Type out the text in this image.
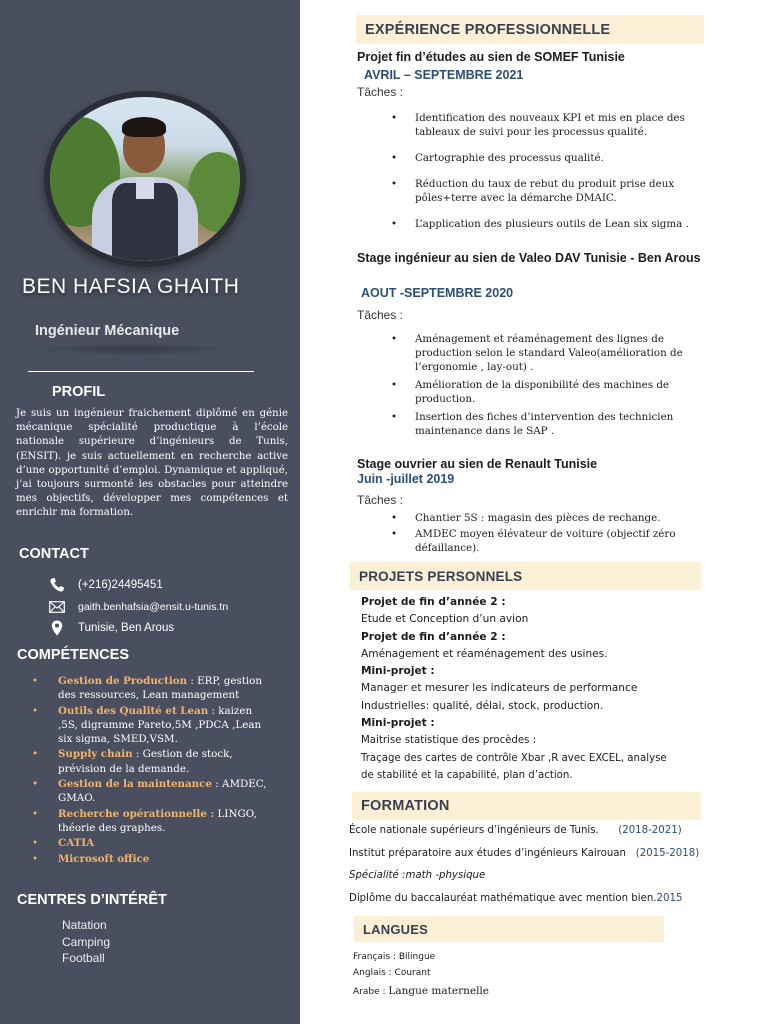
BEN HAFSIA GHAITH
Ingénieur Mécanique
PROFIL
Je suis un ingénieur fraichement diplômé en génie mécanique spécialité productique à l’école nationale supérieure d’ingénieurs de Tunis, (ENSIT). je suis actuellement en recherche active d’une opportunité d’emploi. Dynamique et appliqué, j’ai toujours surmonté les obstacles pour atteindre mes objectifs, développer mes compétences et enrichir ma formation.
CONTACT
(+216)24495451
gaith.benhafsia@ensit.u-tunis.tn
Tunisie, Ben Arous
COMPÉTENCES
• Gestion de Production : ERP, gestion des ressources, Lean management
• Outils des Qualité et Lean : kaizen ,5S, digramme Pareto,5M ,PDCA ,Lean six sigma, SMED,VSM.
• Supply chain : Gestion de stock, prévision de la demande.
• Gestion de la maintenance : AMDEC, GMAO.
• Recherche opérationnelle : LINGO, théorie des graphes.
• CATIA
• Microsoft office
CENTRES D’INTÉRÊT
Natation
Camping
Football
EXPÉRIENCE PROFESSIONNELLE
Projet fin d’études au sien de SOMEF Tunisie
AVRIL – SEPTEMBRE 2021
Tâches :
• Identification des nouveaux KPI et mis en place des tableaux de suivi pour les processus qualité.
• Cartographie des processus qualité.
• Réduction du taux de rebut du produit prise deux pôles+terre avec la démarche DMAIC.
• L’application des plusieurs outils de Lean six sigma .
Stage ingénieur au sien de Valeo DAV Tunisie - Ben Arous
AOUT -SEPTEMBRE 2020
Tâches :
• Aménagement et réaménagement des lignes de production selon le standard Valeo(amélioration de l’ergonomie , lay-out) .
• Amélioration de la disponibilité des machines de production.
• Insertion des fiches d’intervention des technicien maintenance dans le SAP .
Stage ouvrier au sien de Renault Tunisie
Juin -juillet 2019
Tâches :
• Chantier 5S : magasin des pièces de rechange.
• AMDEC moyen élévateur de voiture (objectif zéro défaillance).
PROJETS PERSONNELS
Projet de fin d’année 2 :
Etude et Conception d’un avion
Projet de fin d’année 2 :
Aménagement et réaménagement des usines.
Mini-projet :
Manager et mesurer les indicateurs de performance
Industrielles: qualité, délai, stock, production.
Mini-projet :
Maitrise statistique des procèdes :
Traçage des cartes de contrôle Xbar ,R avec EXCEL, analyse
de stabilité et la capabilité, plan d’action.
FORMATION
École nationale supérieurs d’ingénieurs de Tunis. (2018-2021)
Institut préparatoire aux études d’ingénieurs Kairouan (2015-2018)
Spécialité :math -physique
Diplôme du baccalauréat mathématique avec mention bien.2015
LANGUES
Français : Bilingue
Anglais : Courant
Arabe : Langue maternelle
